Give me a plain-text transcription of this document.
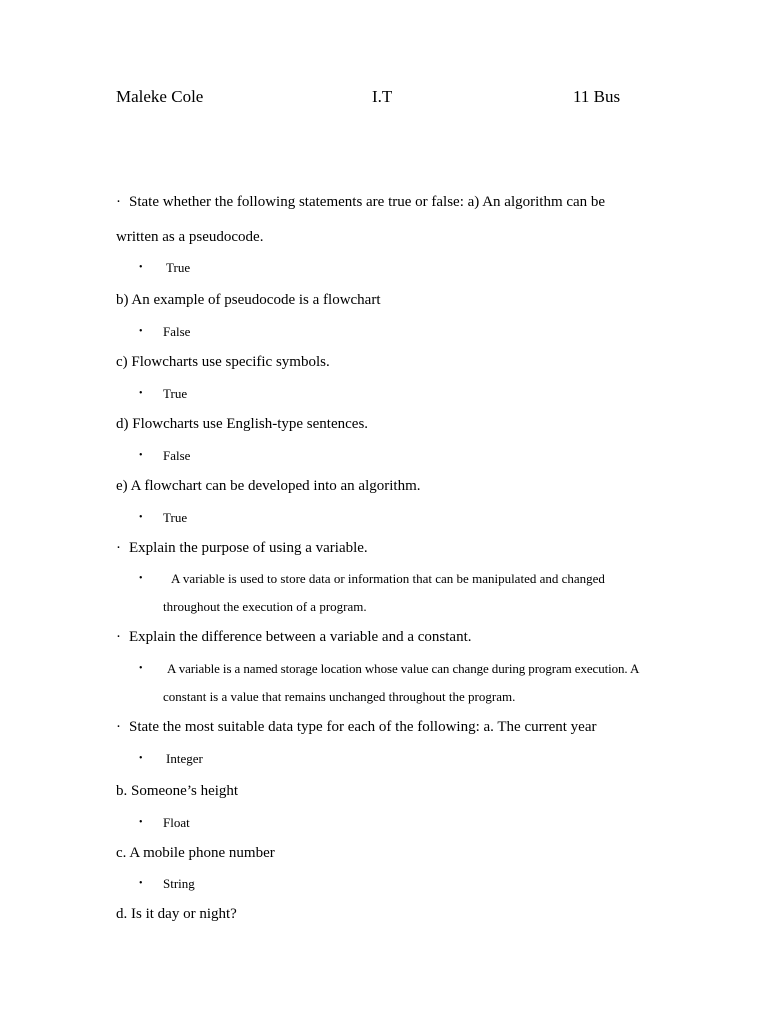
Maleke Cole	I.T	11 Bus
· State whether the following statements are true or false: a) An algorithm can be
written as a pseudocode.
• True
b) An example of pseudocode is a flowchart
• False
c) Flowcharts use specific symbols.
• True
d) Flowcharts use English-type sentences.
• False
e) A flowchart can be developed into an algorithm.
• True
· Explain the purpose of using a variable.
• A variable is used to store data or information that can be manipulated and changed
throughout the execution of a program.
· Explain the difference between a variable and a constant.
• A variable is a named storage location whose value can change during program execution. A
constant is a value that remains unchanged throughout the program.
· State the most suitable data type for each of the following: a. The current year
• Integer
b. Someone’s height
• Float
c. A mobile phone number
• String
d. Is it day or night?
